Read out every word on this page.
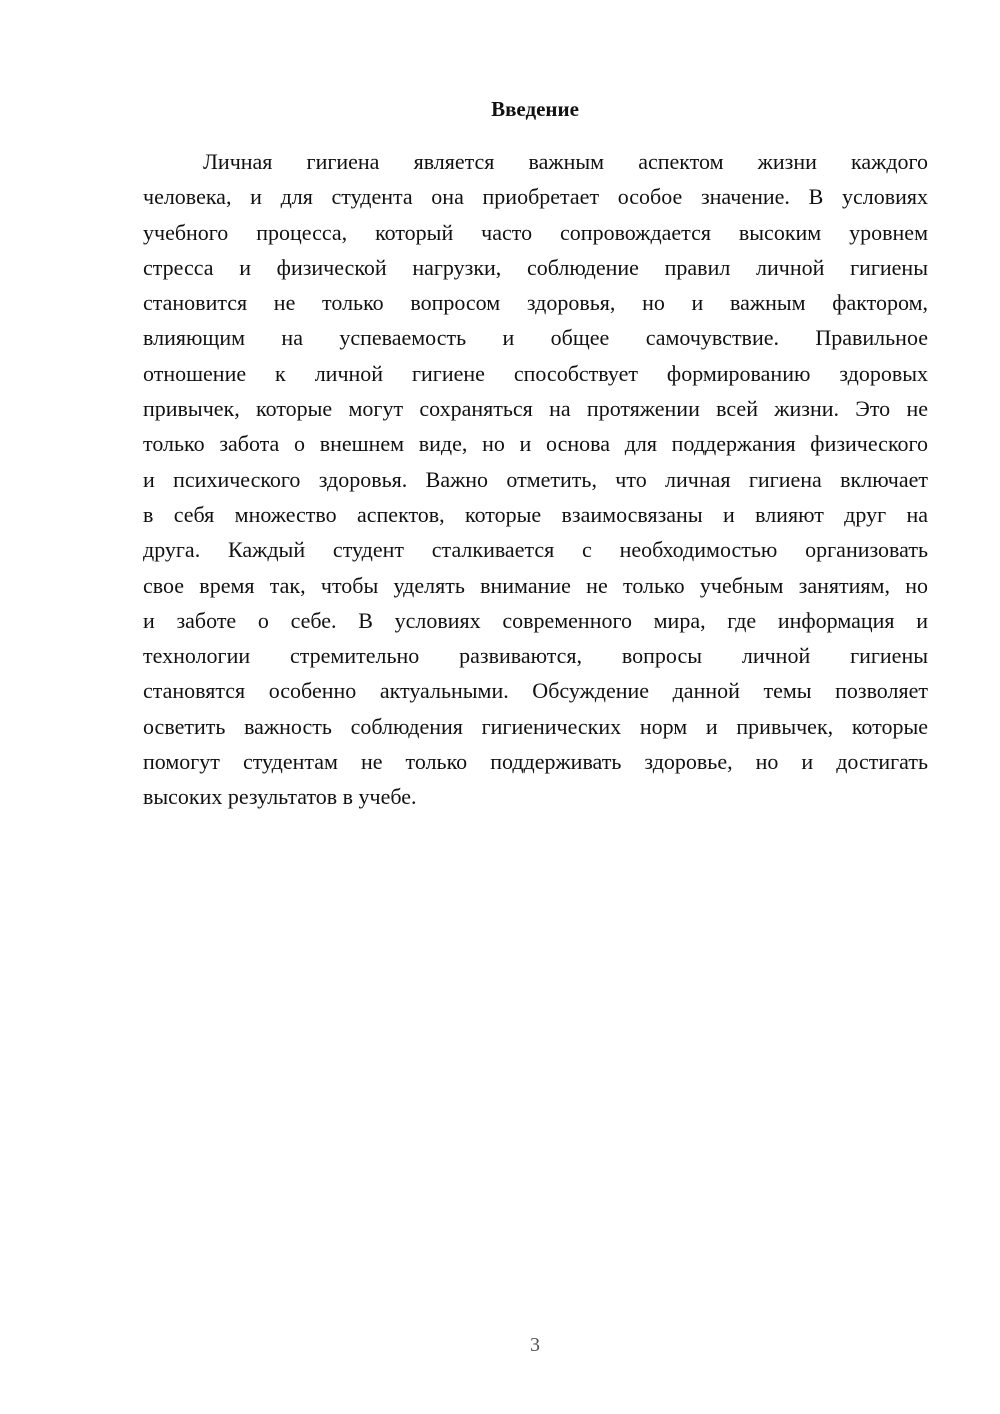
Введение
Личная гигиена является важным аспектом жизни каждого
человека, и для студента она приобретает особое значение. В условиях
учебного процесса, который часто сопровождается высоким уровнем
стресса и физической нагрузки, соблюдение правил личной гигиены
становится не только вопросом здоровья, но и важным фактором,
влияющим на успеваемость и общее самочувствие. Правильное
отношение к личной гигиене способствует формированию здоровых
привычек, которые могут сохраняться на протяжении всей жизни. Это не
только забота о внешнем виде, но и основа для поддержания физического
и психического здоровья. Важно отметить, что личная гигиена включает
в себя множество аспектов, которые взаимосвязаны и влияют друг на
друга. Каждый студент сталкивается с необходимостью организовать
свое время так, чтобы уделять внимание не только учебным занятиям, но
и заботе о себе. В условиях современного мира, где информация и
технологии стремительно развиваются, вопросы личной гигиены
становятся особенно актуальными. Обсуждение данной темы позволяет
осветить важность соблюдения гигиенических норм и привычек, которые
помогут студентам не только поддерживать здоровье, но и достигать
высоких результатов в учебе.
3
